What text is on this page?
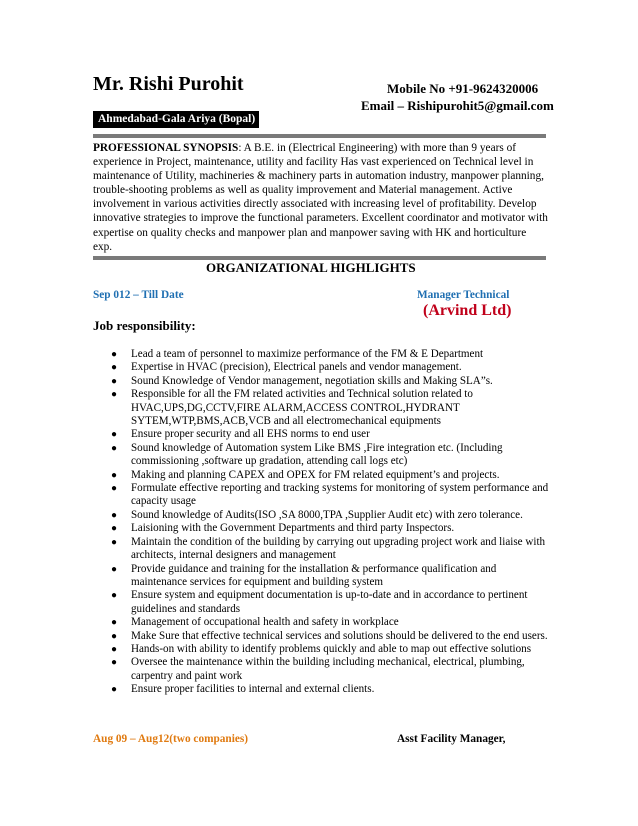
Mr. Rishi Purohit	Mobile No +91-9624320006
Email – Rishipurohit5@gmail.com
Ahmedabad-Gala Ariya (Bopal)
PROFESSIONAL SYNOPSIS: A B.E. in (Electrical Engineering) with more than 9 years of experience in Project, maintenance, utility and facility Has vast experienced on Technical level in maintenance of Utility, machineries & machinery parts in automation industry, manpower planning, trouble-shooting problems as well as quality improvement and Material management. Active involvement in various activities directly associated with increasing level of profitability. Develop innovative strategies to improve the functional parameters. Excellent coordinator and motivator with expertise on quality checks and manpower plan and manpower saving with HK and horticulture exp.
ORGANIZATIONAL HIGHLIGHTS
Sep 012 – Till Date	Manager Technical
(Arvind Ltd)
Job responsibility:
● Lead a team of personnel to maximize performance of the FM & E Department
● Expertise in HVAC (precision), Electrical panels and vendor management.
● Sound Knowledge of Vendor management, negotiation skills and Making SLA”s.
● Responsible for all the FM related activities and Technical solution related to HVAC,UPS,DG,CCTV,FIRE ALARM,ACCESS CONTROL,HYDRANT SYTEM,WTP,BMS,ACB,VCB and all electromechanical equipments
● Ensure proper security and all EHS norms to end user
● Sound knowledge of Automation system Like BMS ,Fire integration etc. (Including commissioning ,software up gradation, attending call logs etc)
● Making and planning CAPEX and OPEX for FM related equipment’s and projects.
● Formulate effective reporting and tracking systems for monitoring of system performance and capacity usage
● Sound knowledge of Audits(ISO ,SA 8000,TPA ,Supplier Audit etc) with zero tolerance.
● Laisioning with the Government Departments and third party Inspectors.
● Maintain the condition of the building by carrying out upgrading project work and liaise with architects, internal designers and management
● Provide guidance and training for the installation & performance qualification and maintenance services for equipment and building system
● Ensure system and equipment documentation is up-to-date and in accordance to pertinent guidelines and standards
● Management of occupational health and safety in workplace
● Make Sure that effective technical services and solutions should be delivered to the end users.
● Hands-on with ability to identify problems quickly and able to map out effective solutions
● Oversee the maintenance within the building including mechanical, electrical, plumbing, carpentry and paint work
● Ensure proper facilities to internal and external clients.
Aug 09 – Aug12(two companies)	Asst Facility Manager,
